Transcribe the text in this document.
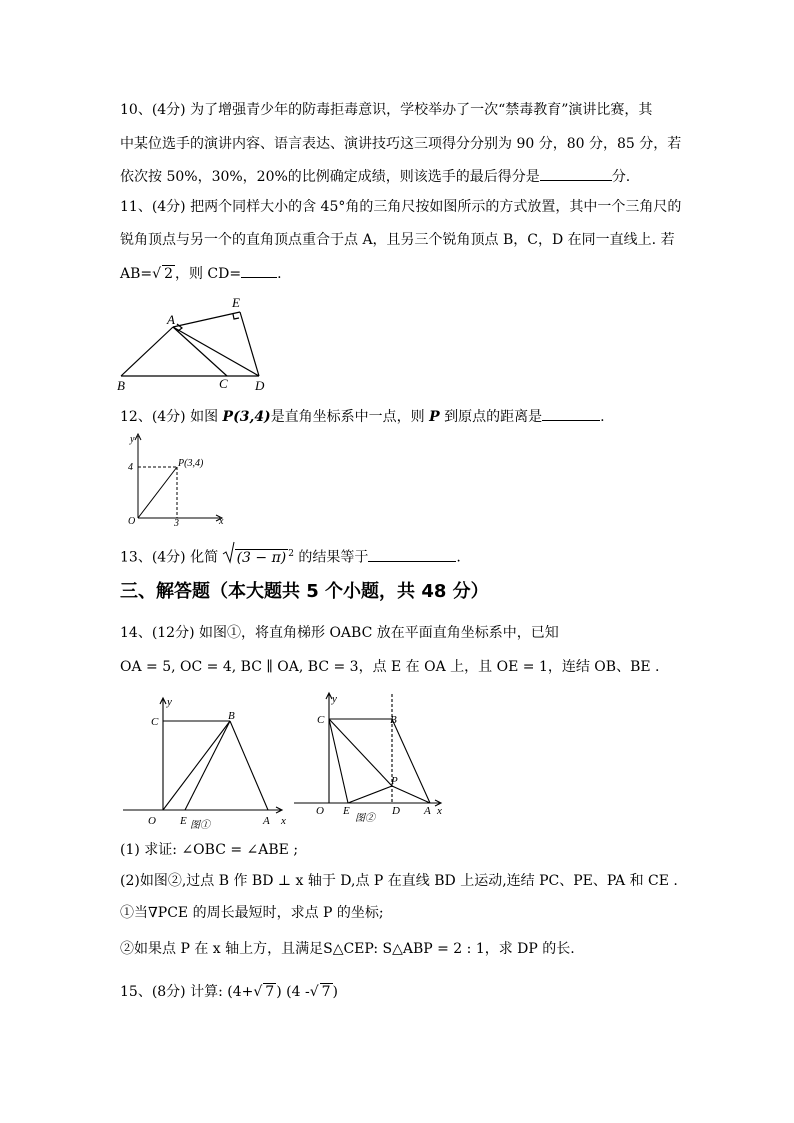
10、(4分) 为了增强青少年的防毒拒毒意识，学校举办了一次“禁毒教育”演讲比赛，其
中某位选手的演讲内容、语言表达、演讲技巧这三项得分分别为 90 分，80 分，85 分，若
依次按 50%，30%，20%的比例确定成绩，则该选手的最后得分是	分.
11、(4分) 把两个同样大小的含 45°角的三角尺按如图所示的方式放置，其中一个三角尺的
锐角顶点与另一个的直角顶点重合于点 A，且另三个锐角顶点 B，C，D 在同一直线上. 若
AB=√ 2 ，则 CD=	.
A
E
B	C D
12、(4分) 如图 P(3,4)是直角坐标系中一点，则 P 到原点的距离是	.
y
x
O
P(3,4)
4
3
13、(4分) 化简 (3 − π) $^2$ 的结果等于	.
三、解答题（本大题共 5 个小题，共 48 分）
14、(12分) 如图①，将直角梯形 OABC 放在平面直角坐标系中，已知
OA = 5, OC = 4, BC ∥ OA, BC = 3，点 E 在 OA 上，且 OE = 1，连结 OB、BE .
y
x
C	B
O E	A
图①
y
x
C	B
O E	D A
P
图②
(1) 求证: ∠OBC = ∠ABE ;
(2)如图②,过点 B 作 BD ⊥ x 轴于 D,点 P 在直线 BD 上运动,连结 PC、PE、PA 和 CE .
①当∇PCE 的周长最短时，求点 P 的坐标;
②如果点 P 在 x 轴上方，且满足S△CEP: S△ABP = 2 : 1，求 DP 的长.
15、(8分) 计算: (4+√ 7 ) (4 -√ 7 )
